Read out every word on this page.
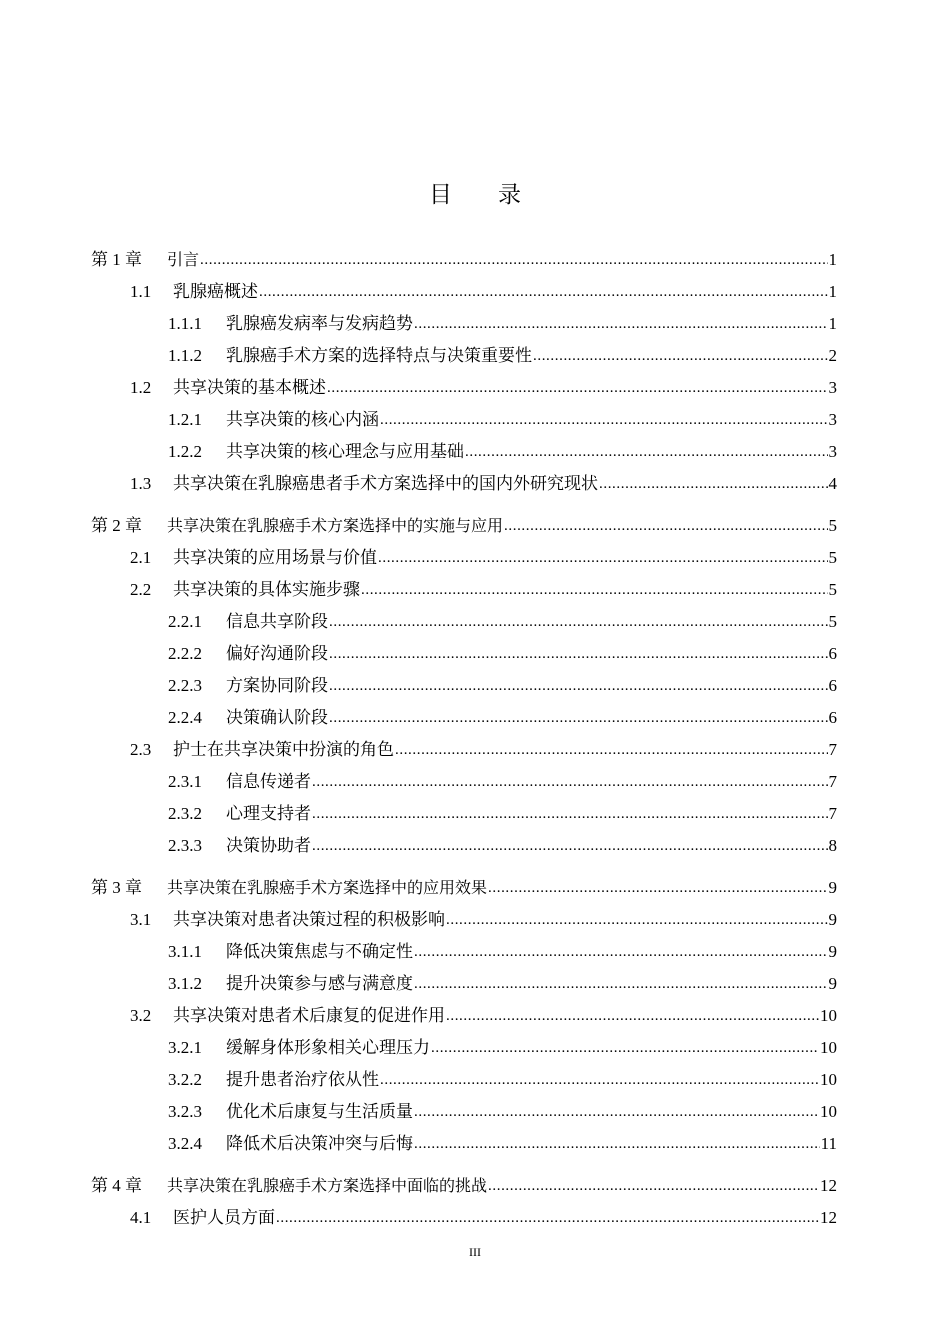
目录
第 1 章	引言 .....	1
1.1	乳腺癌概述 .....	1
1.1.1	乳腺癌发病率与发病趋势 .....	1
1.1.2	乳腺癌手术方案的选择特点与决策重要性 .....	2
1.2	共享决策的基本概述 .....	3
1.2.1	共享决策的核心内涵 .....	3
1.2.2	共享决策的核心理念与应用基础 .....	3
1.3	共享决策在乳腺癌患者手术方案选择中的国内外研究现状 .....	4
第 2 章	共享决策在乳腺癌手术方案选择中的实施与应用 .....	5
2.1	共享决策的应用场景与价值 .....	5
2.2	共享决策的具体实施步骤 .....	5
2.2.1	信息共享阶段 .....	5
2.2.2	偏好沟通阶段 .....	6
2.2.3	方案协同阶段 .....	6
2.2.4	决策确认阶段 .....	6
2.3	护士在共享决策中扮演的角色 .....	7
2.3.1	信息传递者 .....	7
2.3.2	心理支持者 .....	7
2.3.3	决策协助者 .....	8
第 3 章	共享决策在乳腺癌手术方案选择中的应用效果 .....	9
3.1	共享决策对患者决策过程的积极影响 .....	9
3.1.1	降低决策焦虑与不确定性 .....	9
3.1.2	提升决策参与感与满意度 .....	9
3.2	共享决策对患者术后康复的促进作用 .....	10
3.2.1	缓解身体形象相关心理压力 .....	10
3.2.2	提升患者治疗依从性 .....	10
3.2.3	优化术后康复与生活质量 .....	10
3.2.4	降低术后决策冲突与后悔 .....	11
第 4 章	共享决策在乳腺癌手术方案选择中面临的挑战 .....	12
4.1	医护人员方面 .....	12
III
